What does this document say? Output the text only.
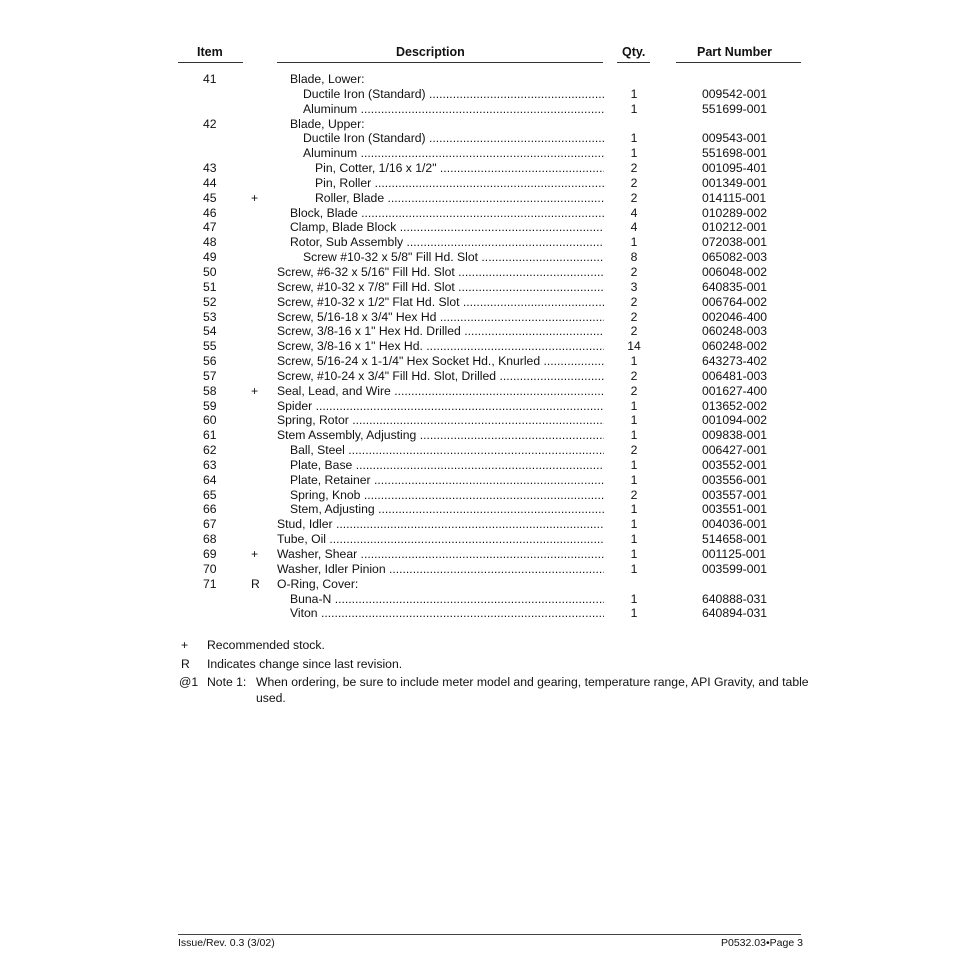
Item	Description	Qty.	Part Number
41	Blade, Lower:
Ductile Iron (Standard) .....	1	009542-001
Aluminum .....	1	551699-001
42	Blade, Upper:
Ductile Iron (Standard) .....	1	009543-001
Aluminum .....	1	551698-001
43	Pin, Cotter, 1/16 x 1/2" .....	2	001095-401
44	Pin, Roller .....	2	001349-001
45	+	Roller, Blade .....	2	014115-001
46	Block, Blade .....	4	010289-002
47	Clamp, Blade Block .....	4	010212-001
48	Rotor, Sub Assembly .....	1	072038-001
49	Screw #10-32 x 5/8" Fill Hd. Slot .....	8	065082-003
50	Screw, #6-32 x 5/16" Fill Hd. Slot .....	2	006048-002
51	Screw, #10-32 x 7/8" Fill Hd. Slot .....	3	640835-001
52	Screw, #10-32 x 1/2" Flat Hd. Slot .....	2	006764-002
53	Screw, 5/16-18 x 3/4" Hex Hd .....	2	002046-400
54	Screw, 3/8-16 x 1" Hex Hd. Drilled .....	2	060248-003
55	Screw, 3/8-16 x 1" Hex Hd. .....	14	060248-002
56	Screw, 5/16-24 x 1-1/4" Hex Socket Hd., Knurled .....	1	643273-402
57	Screw, #10-24 x 3/4" Fill Hd. Slot, Drilled .....	2	006481-003
58	+ Seal, Lead, and Wire .....	2	001627-400
59	Spider .....	1	013652-002
60	Spring, Rotor .....	1	001094-002
61	Stem Assembly, Adjusting .....	1	009838-001
62	Ball, Steel .....	2	006427-001
63	Plate, Base .....	1	003552-001
64	Plate, Retainer .....	1	003556-001
65	Spring, Knob .....	2	003557-001
66	Stem, Adjusting .....	1	003551-001
67	Stud, Idler .....	1	004036-001
68	Tube, Oil .....	1	514658-001
69	+ Washer, Shear .....	1	001125-001
70	Washer, Idler Pinion .....	1	003599-001
71	R O-Ring, Cover:
Buna-N .....	1	640888-031
Viton .....	1	640894-031
+ Recommended stock.
R Indicates change since last revision.
@1 Note 1: When ordering, be sure to include meter model and gearing, temperature range, API Gravity, and table
used.
Issue/Rev. 0.3 (3/02)	P0532.03•Page 3
